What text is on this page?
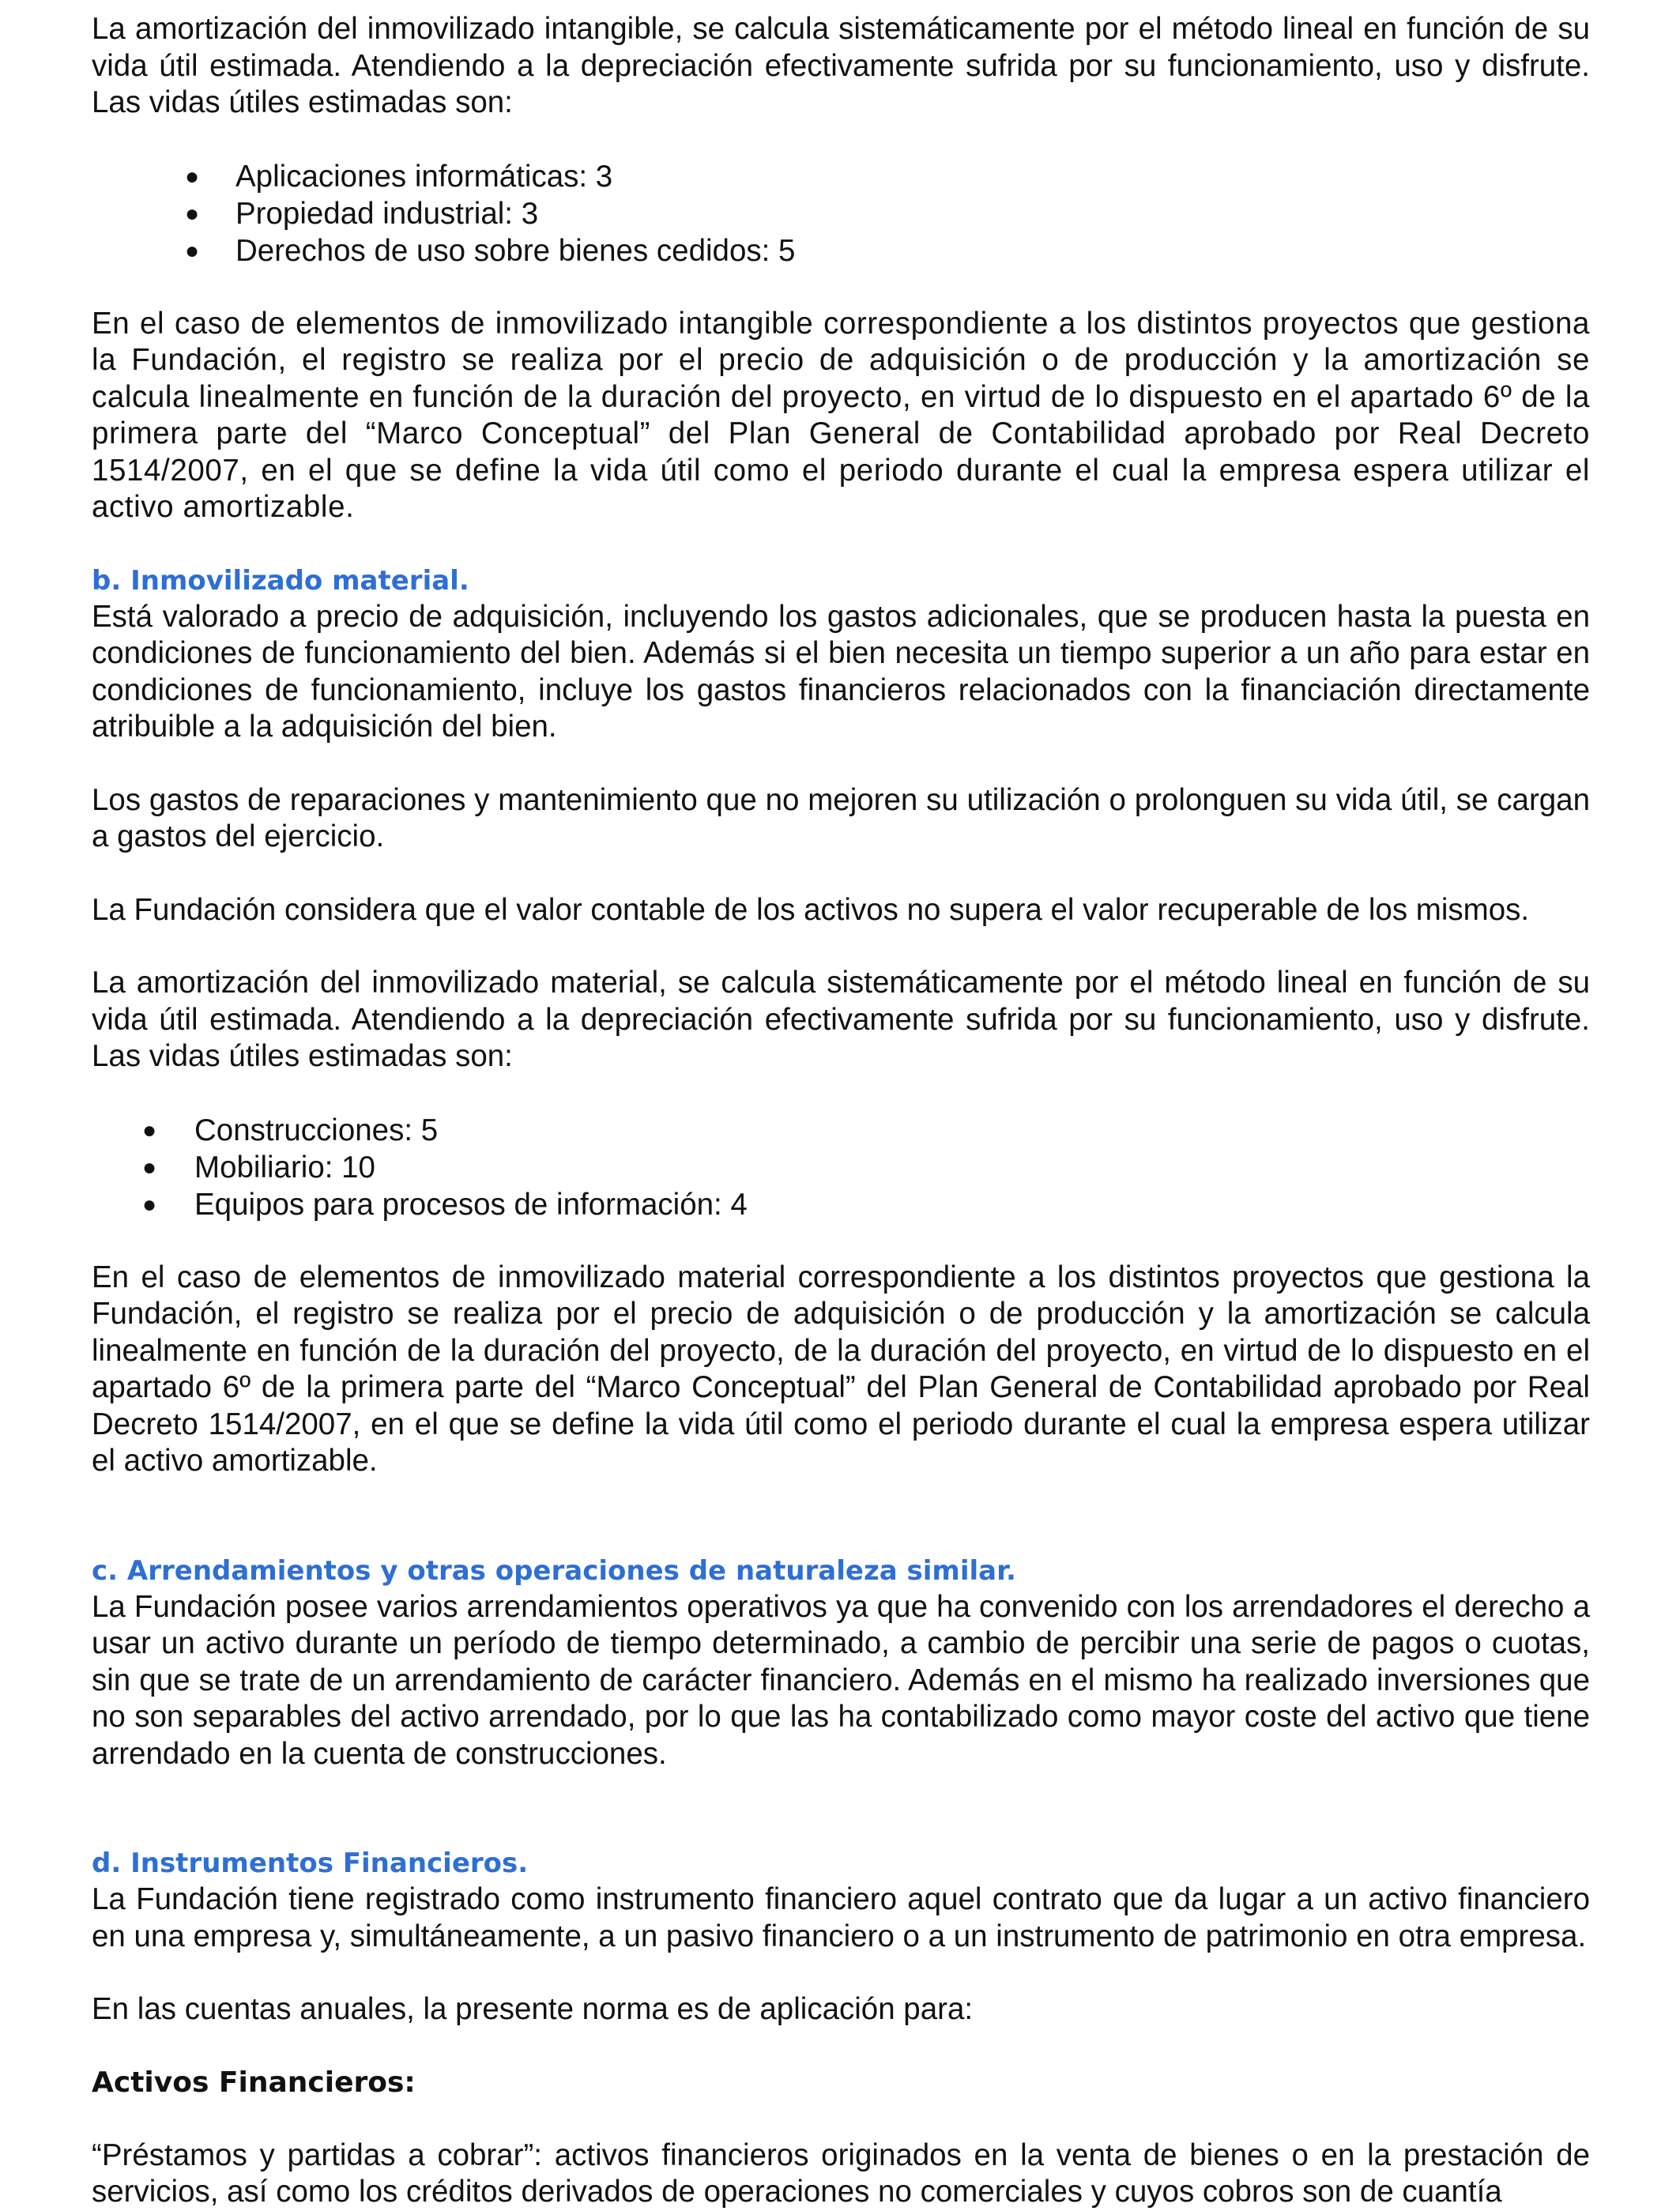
La amortización del inmovilizado intangible, se calcula sistemáticamente por el método lineal en función de su vida útil estimada. Atendiendo a la depreciación efectivamente sufrida por su funcionamiento, uso y disfrute. Las vidas útiles estimadas son:

● Aplicaciones informáticas: 3
● Propiedad industrial: 3
● Derechos de uso sobre bienes cedidos: 5

En el caso de elementos de inmovilizado intangible correspondiente a los distintos proyectos que gestiona la Fundación, el registro se realiza por el precio de adquisición o de producción y la amortización se calcula linealmente en función de la duración del proyecto, en virtud de lo dispuesto en el apartado 6º de la primera parte del “Marco Conceptual” del Plan General de Contabilidad aprobado por Real Decreto 1514/2007, en el que se define la vida útil como el periodo durante el cual la empresa espera utilizar el activo amortizable.

b. Inmovilizado material.

Está valorado a precio de adquisición, incluyendo los gastos adicionales, que se producen hasta la puesta en condiciones de funcionamiento del bien. Además si el bien necesita un tiempo superior a un año para estar en condiciones de funcionamiento, incluye los gastos financieros relacionados con la financiación directamente atribuible a la adquisición del bien.

Los gastos de reparaciones y mantenimiento que no mejoren su utilización o prolonguen su vida útil, se cargan a gastos del ejercicio.

La Fundación considera que el valor contable de los activos no supera el valor recuperable de los mismos.

La amortización del inmovilizado material, se calcula sistemáticamente por el método lineal en función de su vida útil estimada. Atendiendo a la depreciación efectivamente sufrida por su funcionamiento, uso y disfrute. Las vidas útiles estimadas son:

● Construcciones: 5
● Mobiliario: 10
● Equipos para procesos de información: 4

En el caso de elementos de inmovilizado material correspondiente a los distintos proyectos que gestiona la Fundación, el registro se realiza por el precio de adquisición o de producción y la amortización se calcula linealmente en función de la duración del proyecto, de la duración del proyecto, en virtud de lo dispuesto en el apartado 6º de la primera parte del “Marco Conceptual” del Plan General de Contabilidad aprobado por Real Decreto 1514/2007, en el que se define la vida útil como el periodo durante el cual la empresa espera utilizar el activo amortizable.

c. Arrendamientos y otras operaciones de naturaleza similar.

La Fundación posee varios arrendamientos operativos ya que ha convenido con los arrendadores el derecho a usar un activo durante un período de tiempo determinado, a cambio de percibir una serie de pagos o cuotas, sin que se trate de un arrendamiento de carácter financiero. Además en el mismo ha realizado inversiones que no son separables del activo arrendado, por lo que las ha contabilizado como mayor coste del activo que tiene arrendado en la cuenta de construcciones.

d. Instrumentos Financieros.

La Fundación tiene registrado como instrumento financiero aquel contrato que da lugar a un activo financiero en una empresa y, simultáneamente, a un pasivo financiero o a un instrumento de patrimonio en otra empresa.

En las cuentas anuales, la presente norma es de aplicación para:

Activos Financieros:

“Préstamos y partidas a cobrar”: activos financieros originados en la venta de bienes o en la prestación de servicios, así como los créditos derivados de operaciones no comerciales y cuyos cobros son de cuantía
